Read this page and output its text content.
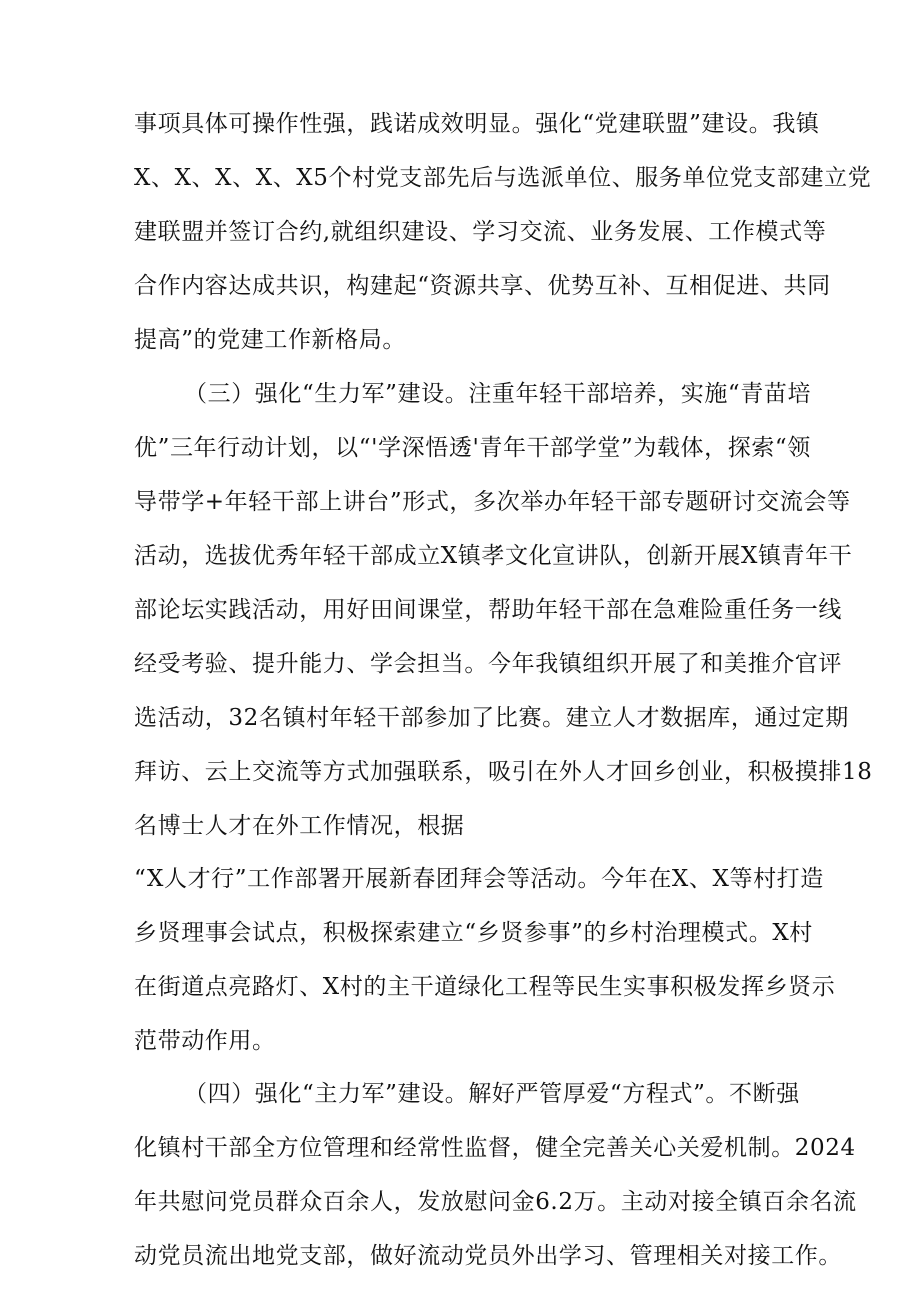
事项具体可操作性强，践诺成效明显。强化“党建联盟”建设。我镇
X、X、X、X、X5个村党支部先后与选派单位、服务单位党支部建立党
建联盟并签订合约,就组织建设、学习交流、业务发展、工作模式等
合作内容达成共识，构建起“资源共享、优势互补、互相促进、共同
提高”的党建工作新格局。
（三）强化“生力军”建设。注重年轻干部培养，实施“青苗培
优”三年行动计划，以“'学深悟透'青年干部学堂”为载体，探索“领
导带学+年轻干部上讲台”形式，多次举办年轻干部专题研讨交流会等
活动，选拔优秀年轻干部成立X镇孝文化宣讲队，创新开展X镇青年干
部论坛实践活动，用好田间课堂，帮助年轻干部在急难险重任务一线
经受考验、提升能力、学会担当。今年我镇组织开展了和美推介官评
选活动，32名镇村年轻干部参加了比赛。建立人才数据库，通过定期
拜访、云上交流等方式加强联系，吸引在外人才回乡创业，积极摸排18
名博士人才在外工作情况，根据
“X人才行”工作部署开展新春团拜会等活动。今年在X、X等村打造
乡贤理事会试点，积极探索建立“乡贤参事”的乡村治理模式。X村
在街道点亮路灯、X村的主干道绿化工程等民生实事积极发挥乡贤示
范带动作用。
（四）强化“主力军”建设。解好严管厚爱“方程式”。不断强
化镇村干部全方位管理和经常性监督，健全完善关心关爱机制。2024
年共慰问党员群众百余人，发放慰问金6.2万。主动对接全镇百余名流
动党员流出地党支部，做好流动党员外出学习、管理相关对接工作。
